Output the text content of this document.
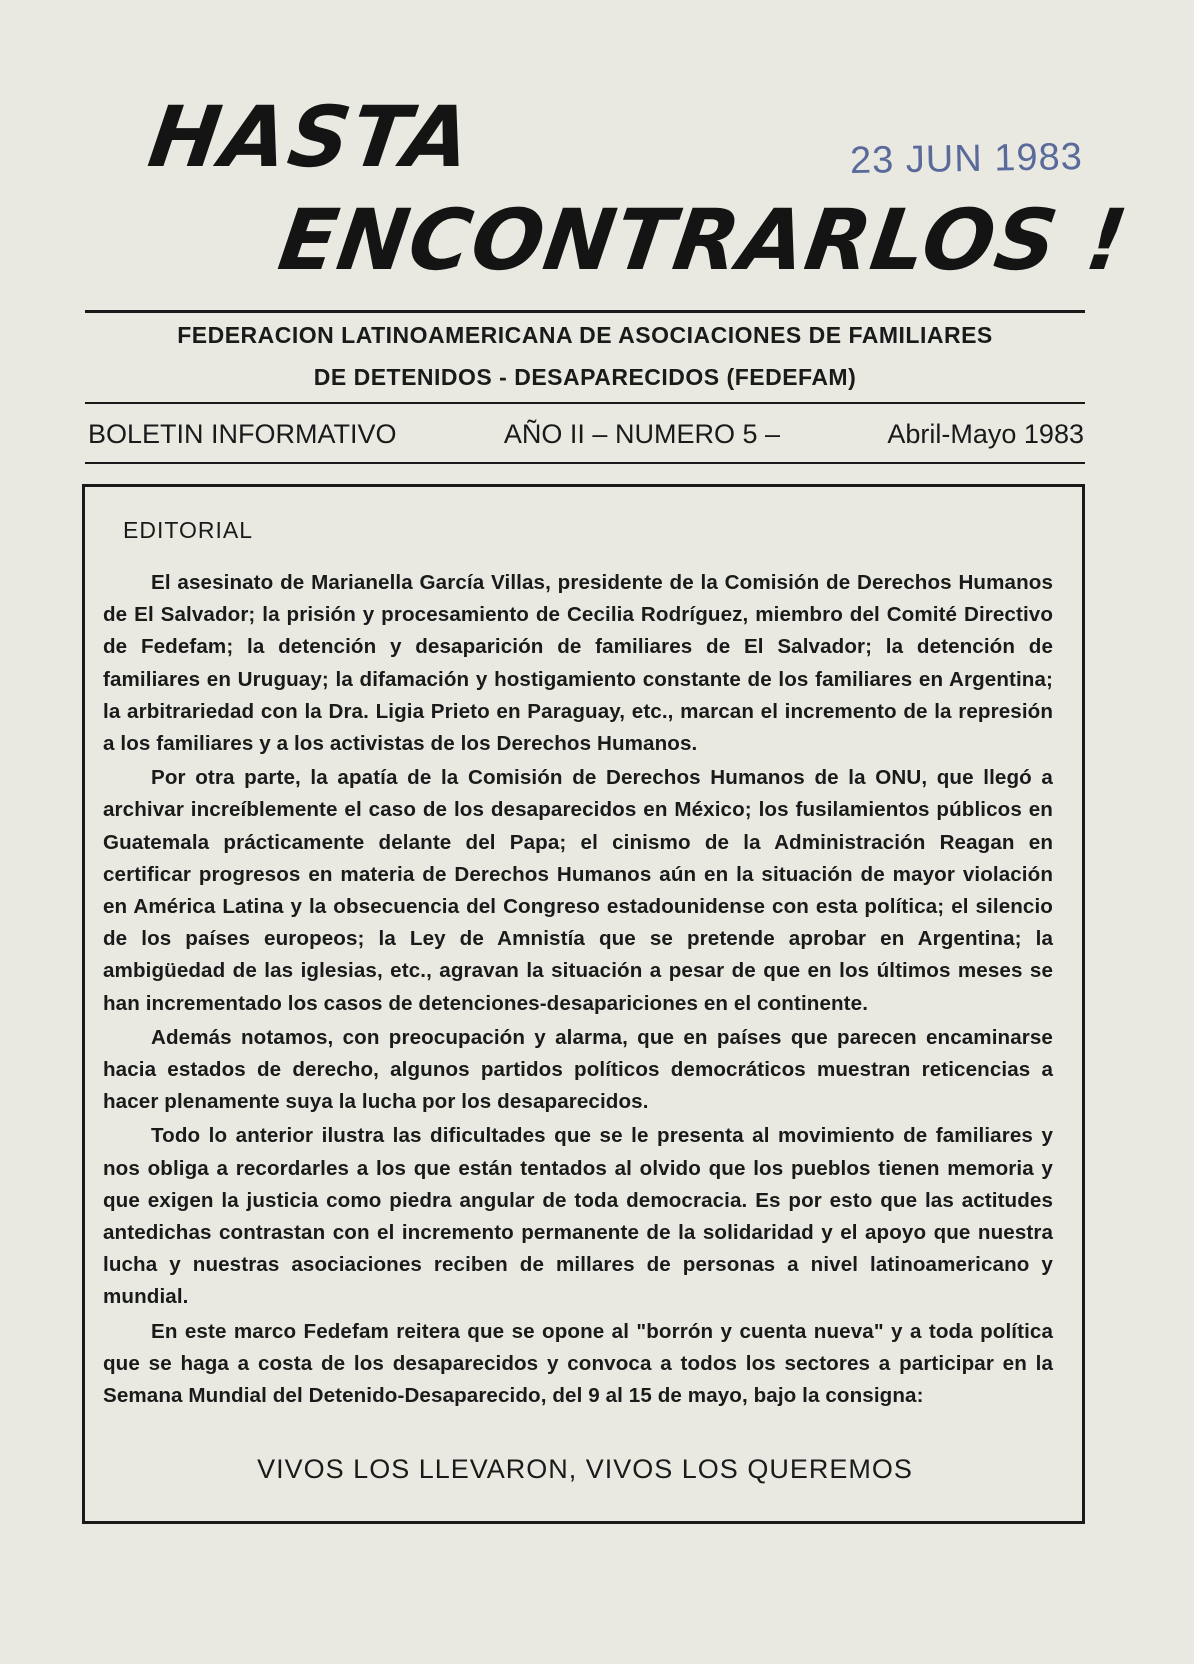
HASTA
ENCONTRARLOS !
23 JUN 1983
FEDERACION LATINOAMERICANA DE ASOCIACIONES DE FAMILIARES
DE DETENIDOS - DESAPARECIDOS (FEDEFAM)
BOLETIN INFORMATIVO	AÑO II – NUMERO 5 –	Abril-Mayo 1983
EDITORIAL

El asesinato de Marianella García Villas, presidente de la Comisión de Derechos Humanos de El Salvador; la prisión y procesamiento de Cecilia Rodríguez, miembro del Comité Directivo de Fedefam; la detención y desaparición de familiares de El Salvador; la detención de familiares en Uruguay; la difamación y hostigamiento constante de los familiares en Argentina; la arbitrariedad con la Dra. Ligia Prieto en Paraguay, etc., marcan el incremento de la represión a los familiares y a los activistas de los Derechos Humanos.

Por otra parte, la apatía de la Comisión de Derechos Humanos de la ONU, que llegó a archivar increíblemente el caso de los desaparecidos en México; los fusilamientos públicos en Guatemala prácticamente delante del Papa; el cinismo de la Administración Reagan en certificar progresos en materia de Derechos Humanos aún en la situación de mayor violación en América Latina y la obsecuencia del Congreso estadounidense con esta política; el silencio de los países europeos; la Ley de Amnistía que se pretende aprobar en Argentina; la ambigüedad de las iglesias, etc., agravan la situación a pesar de que en los últimos meses se han incrementado los casos de detenciones-desapariciones en el continente.

Además notamos, con preocupación y alarma, que en países que parecen encaminarse hacia estados de derecho, algunos partidos políticos democráticos muestran reticencias a hacer plenamente suya la lucha por los desaparecidos.

Todo lo anterior ilustra las dificultades que se le presenta al movimiento de familiares y nos obliga a recordarles a los que están tentados al olvido que los pueblos tienen memoria y que exigen la justicia como piedra angular de toda democracia. Es por esto que las actitudes antedichas contrastan con el incremento permanente de la solidaridad y el apoyo que nuestra lucha y nuestras asociaciones reciben de millares de personas a nivel latinoamericano y mundial.

En este marco Fedefam reitera que se opone al "borrón y cuenta nueva" y a toda política que se haga a costa de los desaparecidos y convoca a todos los sectores a participar en la Semana Mundial del Detenido-Desaparecido, del 9 al 15 de mayo, bajo la consigna:

VIVOS LOS LLEVARON, VIVOS LOS QUEREMOS
